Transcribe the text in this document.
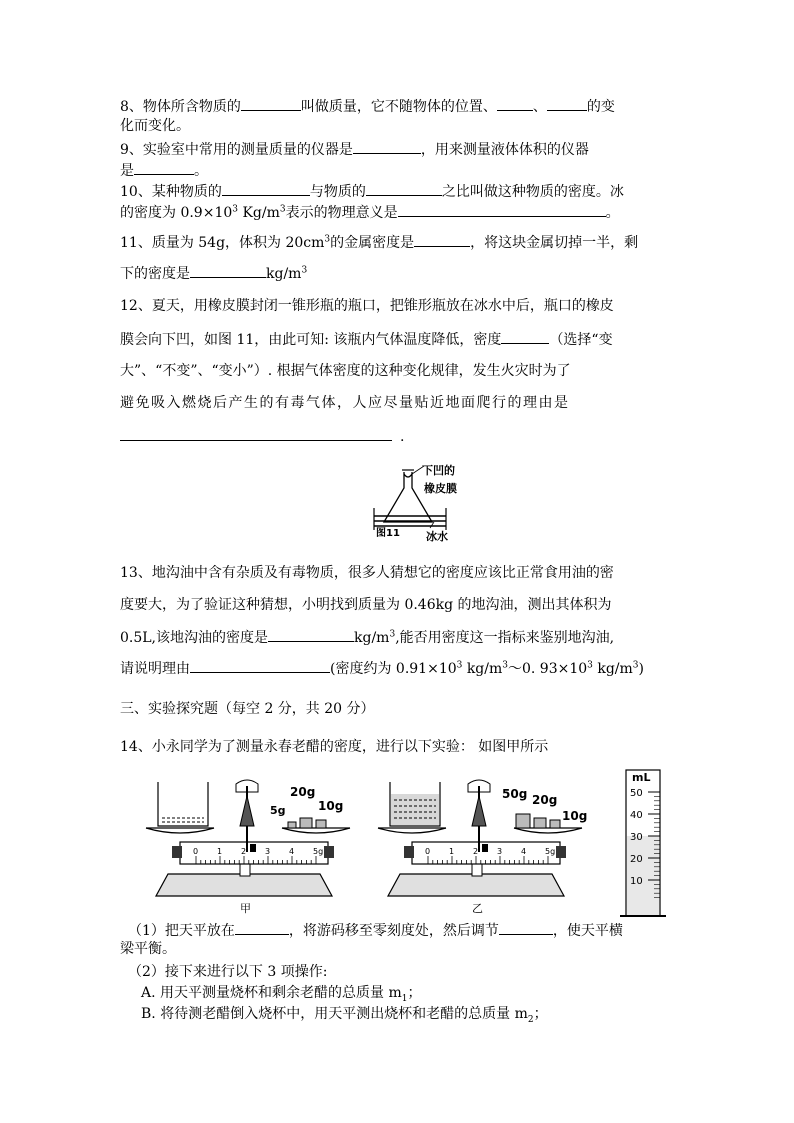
8、物体所含物质的	叫做质量，它不随物体的位置、	、	的变
化而变化。
9、实验室中常用的测量质量的仪器是	，用来测量液体体积的仪器
是	。
10、某种物质的	与物质的	之比叫做这种物质的密度。冰
的密度为 $0.9\times 10^3$ $Kg/m^3$表示的物理意义是	。
11、质量为 54g，体积为 $20cm^3$的金属密度是	，将这块金属切掉一半，剩
下的密度是	$kg/m^3$
12、夏天，用橡皮膜封闭一锥形瓶的瓶口，把锥形瓶放在冰水中后，瓶口的橡皮
膜会向下凹，如图 11，由此可知: 该瓶内气体温度降低，密度	（选择“变
大”、“不变”、“变小”）. 根据气体密度的这种变化规律，发生火灾时为了
避免吸入燃烧后产生的有毒气体，人应尽量贴近地面爬行的理由是
.
下凹的
橡皮膜
图11 冰水
13、地沟油中含有杂质及有毒物质，很多人猜想它的密度应该比正常食用油的密
度要大，为了验证这种猜想，小明找到质量为 0.46kg 的地沟油，测出其体积为
0.5L,该地沟油的密度是	$kg/m^3$,能否用密度这一指标来鉴别地沟油,
请说明理由	(密度约为 $0.91\times 10^3$ $kg/m^3\sim 0$. $93\times 10^3$ $kg/m^3$)
三、实验探究题（每空 2 分，共 20 分）
14、小永同学为了测量永春老醋的密度，进行以下实验： 如图甲所示
0 1 2 3 4 5g
20g
5g	10g
甲
0 1 2 3 4 5g
50g 20g
10g
乙
mL
50
40
30
20
10
（1）把天平放在	，将游码移至零刻度处，然后调节	，使天平横
梁平衡。
（2）接下来进行以下 3 项操作:
A. 用天平测量烧杯和剩余老醋的总质量 $m_1$；
B. 将待测老醋倒入烧杯中，用天平测出烧杯和老醋的总质量 $m_2$；
